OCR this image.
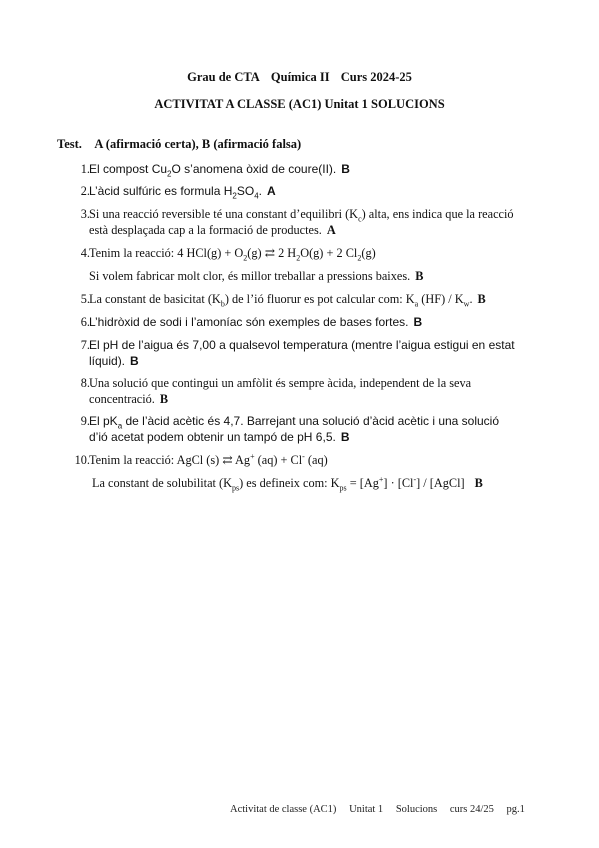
Grau de CTA Química II Curs 2024-25
ACTIVITAT A CLASSE (AC1) Unitat 1 SOLUCIONS
Test. A (afirmació certa), B (afirmació falsa)
1. El compost $Cu_2O$ s’anomena òxid de coure(II). B
2. L’àcid sulfúric es formula $H_2SO_4$. A
3. Si una reacció reversible té una constant d’equilibri $(K_c)$ alta, ens indica que la reacció està desplaçada cap a la formació de productes. A
4. Tenim la reacció: 4 $HCl(g) + O_2(g)$ ⇄ 2 $H_2O(g) + 2$ $Cl_2(g)$
Si volem fabricar molt clor, és millor treballar a pressions baixes. B
5. La constant de basicitat $(K_b)$ de l’ió fluorur es pot calcular com: $K_a$ $(HF) / K_w$. B
6. L’hidròxid de sodi i l’amoníac són exemples de bases fortes. B
7. El pH de l’aigua és 7,00 a qualsevol temperatura (mentre l’aigua estigui en estat líquid). B
8. Una solució que contingui un amfòlit és sempre àcida, independent de la seva concentració. B
9. El $pK_a$ de l’àcid acètic és 4,7. Barrejant una solució d’àcid acètic i una solució d’ió acetat podem obtenir un tampó de pH 6,5. B
10. Tenim la reacció: AgCl (s) ⇄ Ag+ (aq) + Cl- (aq)
La constant de solubilitat $(K_{ps})$ es defineix com: $K_{ps} = [Ag^+] \cdot [Cl^-]$ / [AgCl] B
Activitat de classe (AC1) Unitat 1 Solucions curs 24/25 pg.1
